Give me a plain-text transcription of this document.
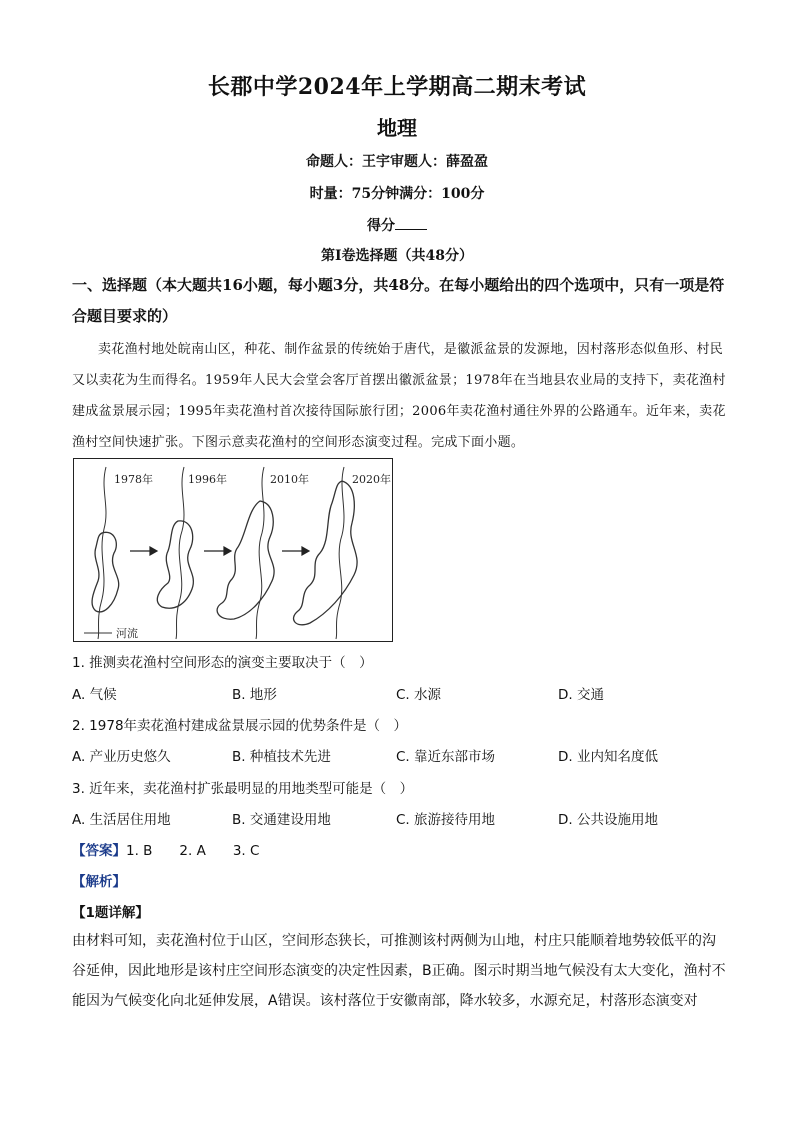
长郡中学2024年上学期高二期末考试
地理
命题人：王宇审题人：薛盈盈
时量：75分钟满分：100分
得分
第Ⅰ卷选择题（共48分）
一、选择题（本大题共16小题，每小题3分，共48分。在每小题给出的四个选项中，只有一项是符合题目要求的）
卖花渔村地处皖南山区，种花、制作盆景的传统始于唐代，是徽派盆景的发源地，因村落形态似鱼形、村民又以卖花为生而得名。1959年人民大会堂会客厅首摆出徽派盆景；1978年在当地县农业局的支持下，卖花渔村建成盆景展示园；1995年卖花渔村首次接待国际旅行团；2006年卖花渔村通往外界的公路通车。近年来，卖花渔村空间快速扩张。下图示意卖花渔村的空间形态演变过程。完成下面小题。
1978年	1996年	2010年	2020年
河流
1. 推测卖花渔村空间形态的演变主要取决于（　）
A. 气候	B. 地形	C. 水源	D. 交通
2. 1978年卖花渔村建成盆景展示园的优势条件是（　）
A. 产业历史悠久	B. 种植技术先进	C. 靠近东部市场	D. 业内知名度低
3. 近年来，卖花渔村扩张最明显的用地类型可能是（　）
A. 生活居住用地	B. 交通建设用地	C. 旅游接待用地	D. 公共设施用地
【答案】1. B　　2. A　　3. C
【解析】
【1题详解】
由材料可知，卖花渔村位于山区，空间形态狭长，可推测该村两侧为山地，村庄只能顺着地势较低平的沟谷延伸，因此地形是该村庄空间形态演变的决定性因素，B正确。图示时期当地气候没有太大变化，渔村不能因为气候变化向北延伸发展，A错误。该村落位于安徽南部，降水较多，水源充足，村落形态演变对
